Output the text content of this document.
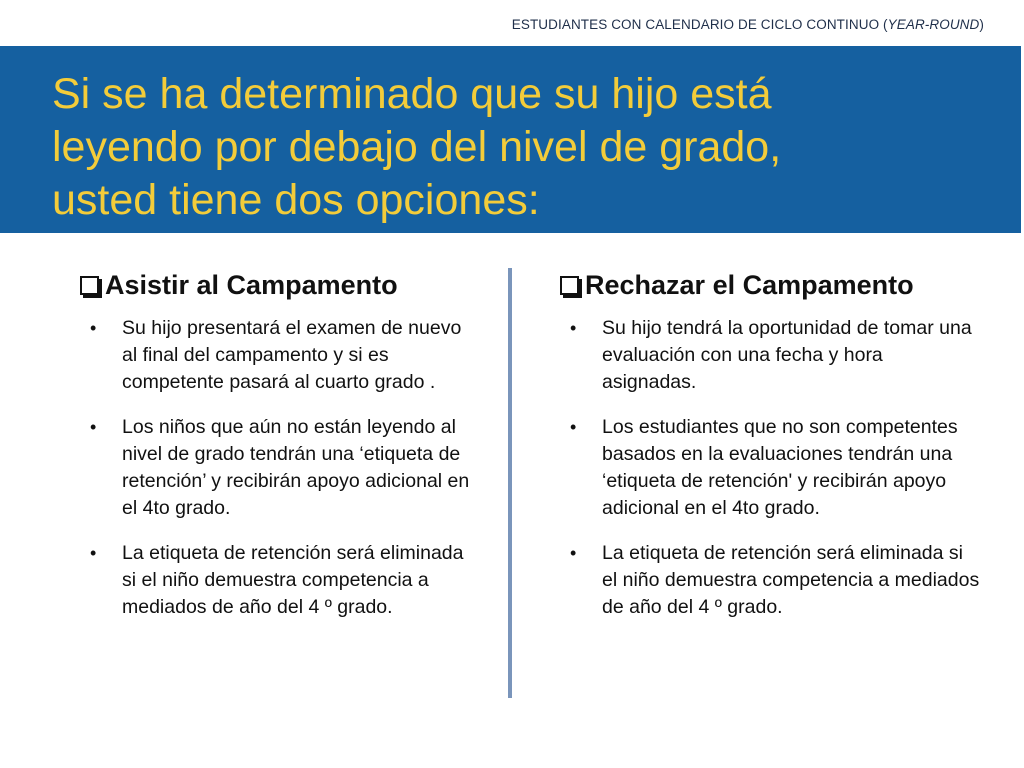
ESTUDIANTES CON CALENDARIO DE CICLO CONTINUO (YEAR-ROUND)
Si se ha determinado que su hijo está
leyendo por debajo del nivel de grado,
usted tiene dos opciones:
Asistir al Campamento
• Su hijo presentará el examen de nuevo al final del campamento y si es competente pasará al cuarto grado .
• Los niños que aún no están leyendo al nivel de grado tendrán una ‘etiqueta de retención’ y recibirán apoyo adicional en el 4to grado.
• La etiqueta de retención será eliminada si el niño demuestra competencia a mediados de año del 4 º grado.
Rechazar el Campamento
• Su hijo tendrá la oportunidad de tomar una evaluación con una fecha y hora asignadas.
• Los estudiantes que no son competentes basados en la evaluaciones tendrán una ‘etiqueta de retención' y recibirán apoyo adicional en el 4to grado.
• La etiqueta de retención será eliminada si el niño demuestra competencia a mediados de año del 4 º grado.
